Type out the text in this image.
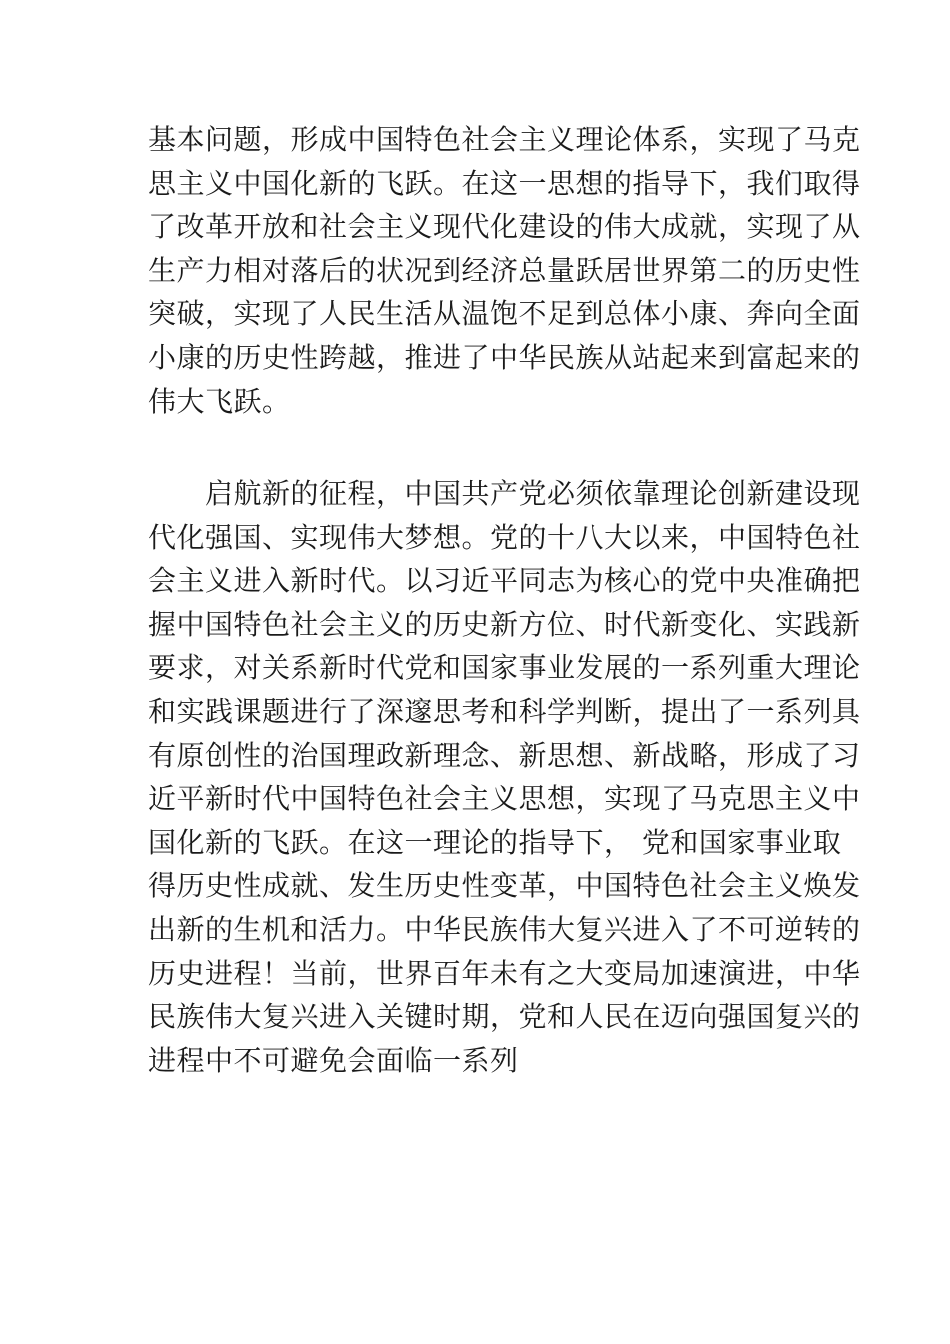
基本问题，形成中国特色社会主义理论体系，实现了马克
思主义中国化新的飞跃。在这一思想的指导下，我们取得
了改革开放和社会主义现代化建设的伟大成就，实现了从
生产力相对落后的状况到经济总量跃居世界第二的历史性
突破，实现了人民生活从温饱不足到总体小康、奔向全面
小康的历史性跨越，推进了中华民族从站起来到富起来的
伟大飞跃。
　　启航新的征程，中国共产党必须依靠理论创新建设现
代化强国、实现伟大梦想。党的十八大以来，中国特色社
会主义进入新时代。以习近平同志为核心的党中央准确把
握中国特色社会主义的历史新方位、时代新变化、实践新
要求，对关系新时代党和国家事业发展的一系列重大理论
和实践课题进行了深邃思考和科学判断，提出了一系列具
有原创性的治国理政新理念、新思想、新战略，形成了习
近平新时代中国特色社会主义思想，实现了马克思主义中
国化新的飞跃。在这一理论的指导下， 党和国家事业取
得历史性成就、发生历史性变革，中国特色社会主义焕发
出新的生机和活力。中华民族伟大复兴进入了不可逆转的
历史进程！当前，世界百年未有之大变局加速演进，中华
民族伟大复兴进入关键时期，党和人民在迈向强国复兴的
进程中不可避免会面临一系列
